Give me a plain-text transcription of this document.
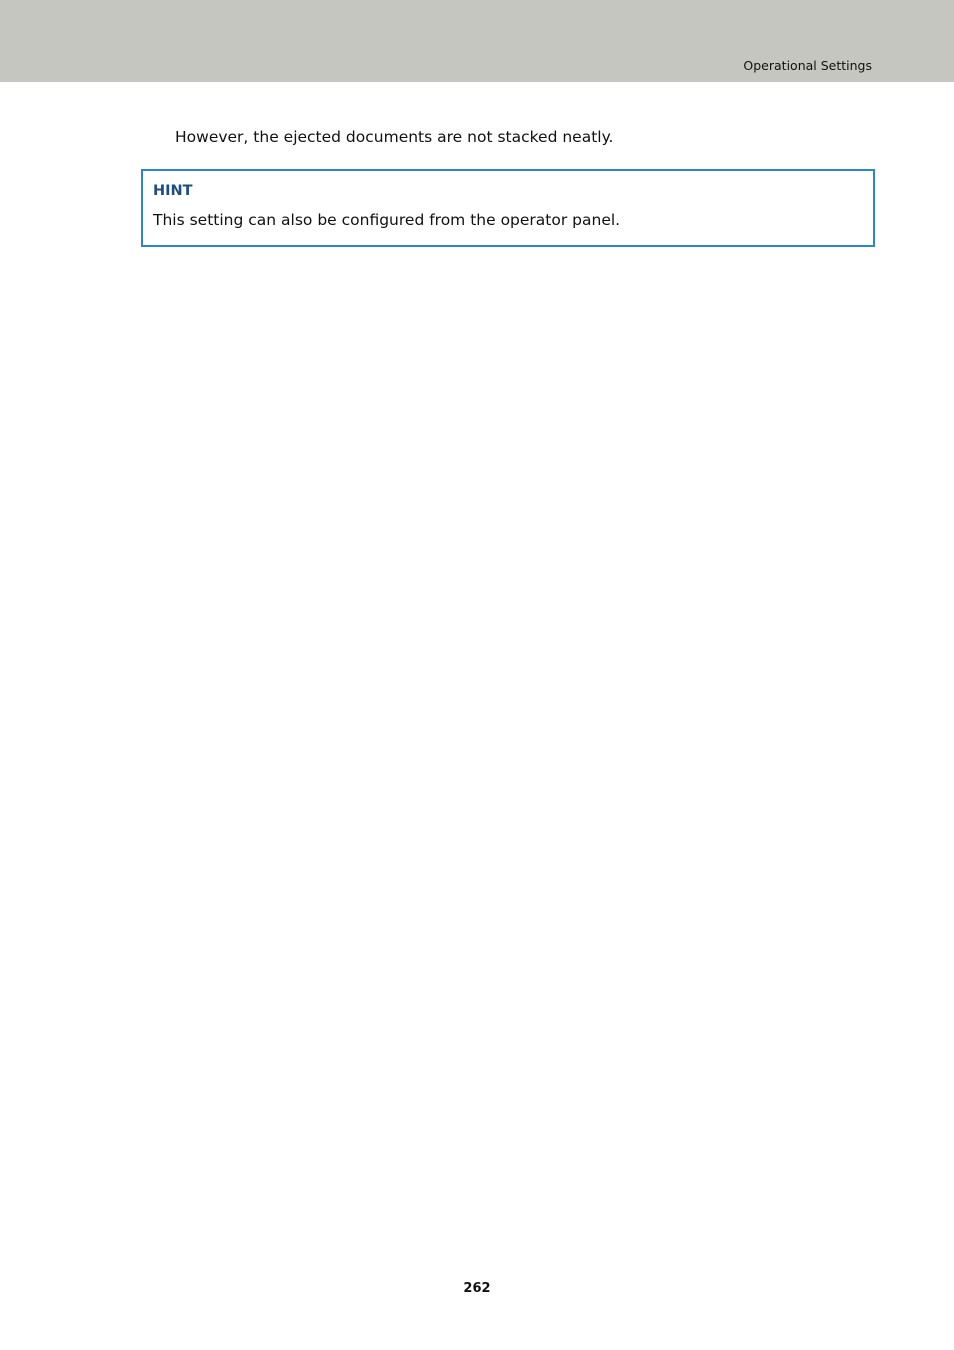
Operational Settings
However, the ejected documents are not stacked neatly.
HINT
This setting can also be configured from the operator panel.
262
